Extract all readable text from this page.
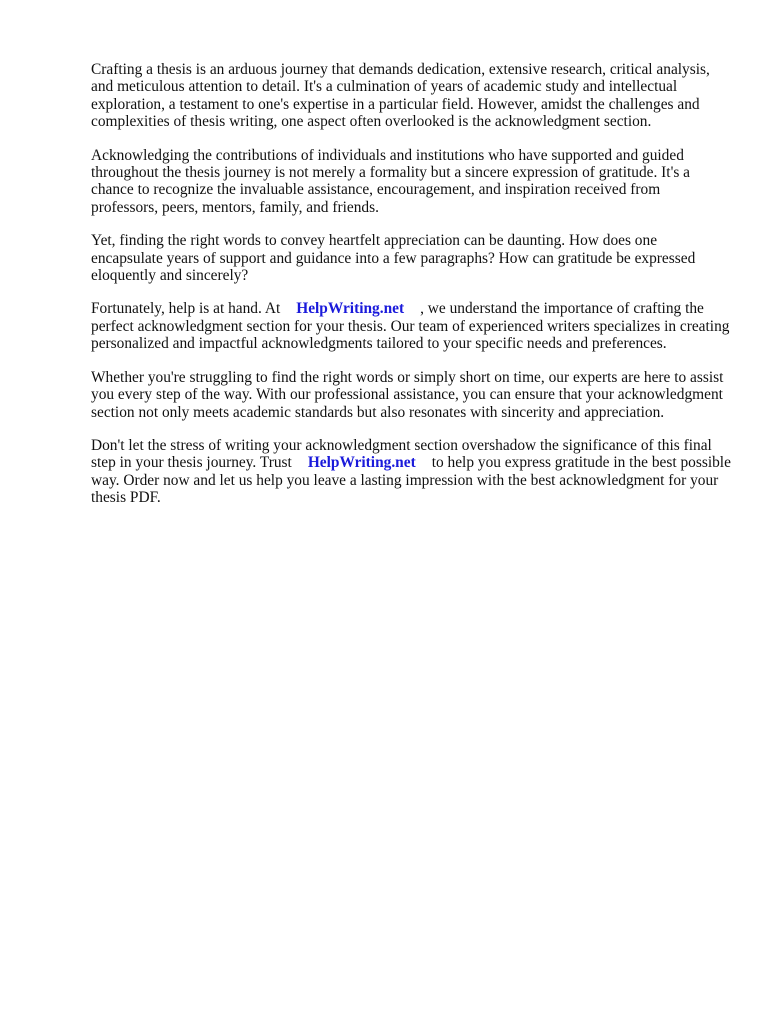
Crafting a thesis is an arduous journey that demands dedication, extensive research, critical analysis, and meticulous attention to detail. It's a culmination of years of academic study and intellectual exploration, a testament to one's expertise in a particular field. However, amidst the challenges and complexities of thesis writing, one aspect often overlooked is the acknowledgment section.

Acknowledging the contributions of individuals and institutions who have supported and guided throughout the thesis journey is not merely a formality but a sincere expression of gratitude. It's a chance to recognize the invaluable assistance, encouragement, and inspiration received from professors, peers, mentors, family, and friends.

Yet, finding the right words to convey heartfelt appreciation can be daunting. How does one encapsulate years of support and guidance into a few paragraphs? How can gratitude be expressed eloquently and sincerely?

Fortunately, help is at hand. At HelpWriting.net , we understand the importance of crafting the perfect acknowledgment section for your thesis. Our team of experienced writers specializes in creating personalized and impactful acknowledgments tailored to your specific needs and preferences.

Whether you're struggling to find the right words or simply short on time, our experts are here to assist you every step of the way. With our professional assistance, you can ensure that your acknowledgment section not only meets academic standards but also resonates with sincerity and appreciation.

Don't let the stress of writing your acknowledgment section overshadow the significance of this final step in your thesis journey. Trust HelpWriting.net to help you express gratitude in the best possible way. Order now and let us help you leave a lasting impression with the best acknowledgment for your thesis PDF.
